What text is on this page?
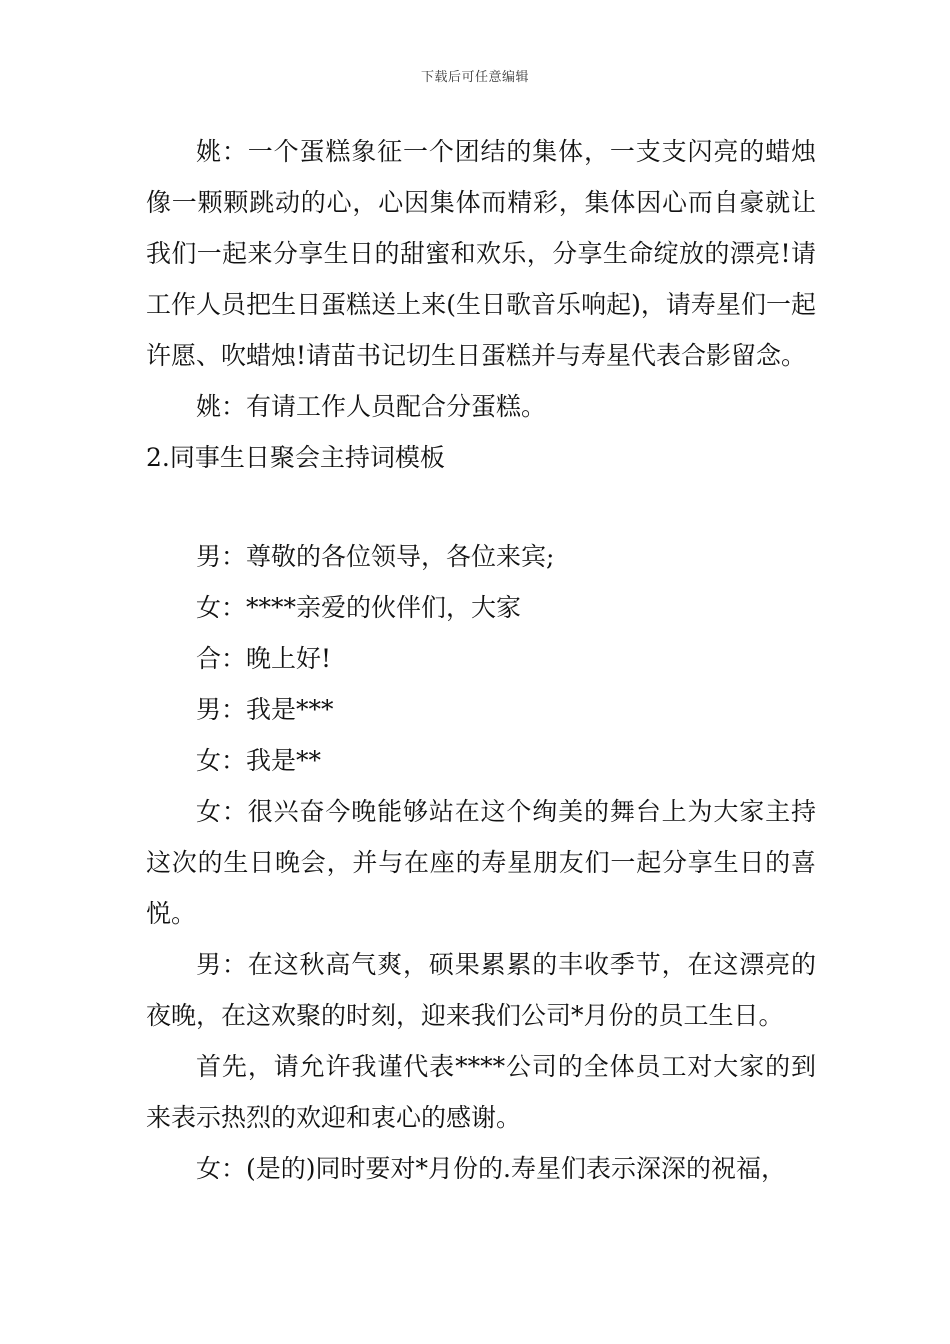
下载后可任意编辑

姚：一个蛋糕象征一个团结的集体，一支支闪亮的蜡烛像一颗颗跳动的心，心因集体而精彩，集体因心而自豪就让我们一起来分享生日的甜蜜和欢乐，分享生命绽放的漂亮!请工作人员把生日蛋糕送上来(生日歌音乐响起)，请寿星们一起许愿、吹蜡烛!请苗书记切生日蛋糕并与寿星代表合影留念。

姚：有请工作人员配合分蛋糕。

2.同事生日聚会主持词模板

男：尊敬的各位领导，各位来宾;

女：****亲爱的伙伴们，大家

合：晚上好!

男：我是***

女：我是**

女：很兴奋今晚能够站在这个绚美的舞台上为大家主持这次的生日晚会，并与在座的寿星朋友们一起分享生日的喜悦。

男：在这秋高气爽，硕果累累的丰收季节，在这漂亮的夜晚，在这欢聚的时刻，迎来我们公司*月份的员工生日。

首先，请允许我谨代表****公司的全体员工对大家的到来表示热烈的欢迎和衷心的感谢。

女：(是的)同时要对*月份的.寿星们表示深深的祝福，
